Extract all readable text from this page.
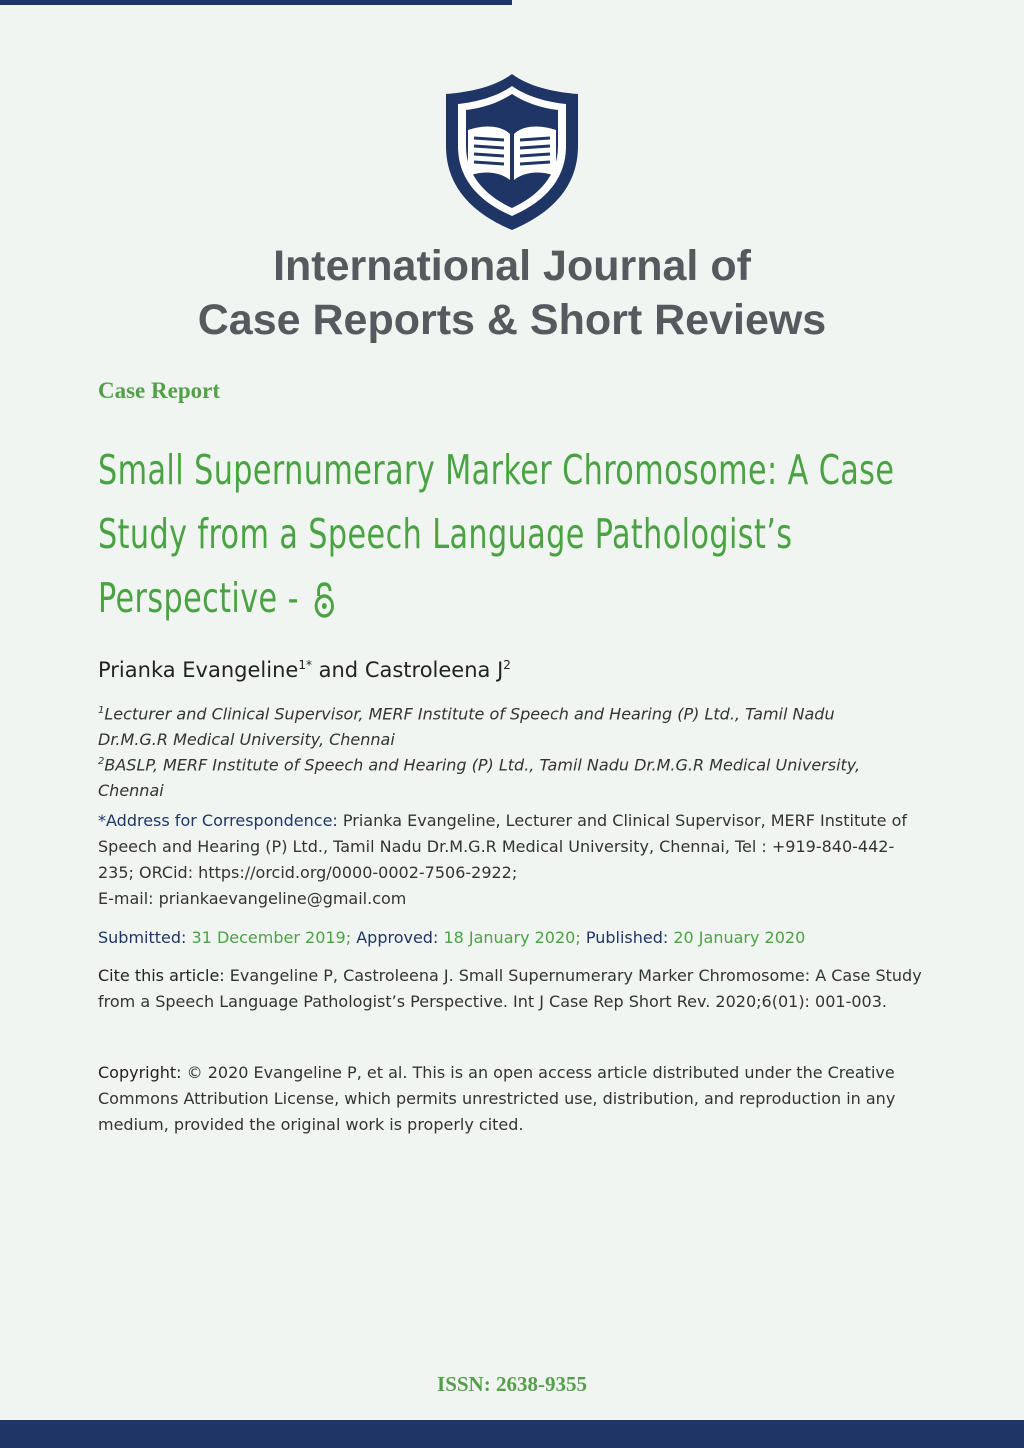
International Journal of
Case Reports & Short Reviews
Case Report
Small Supernumerary Marker Chromosome: A Case Study from a Speech Language Pathologist’s Perspective -
Prianka Evangeline$^{1*}$ and Castroleena $J^2$
$^1$Lecturer and Clinical Supervisor, MERF Institute of Speech and Hearing (P) Ltd., Tamil Nadu Dr.M.G.R Medical University, Chennai
$^2$BASLP, MERF Institute of Speech and Hearing (P) Ltd., Tamil Nadu Dr.M.G.R Medical University, Chennai
*Address for Correspondence: Prianka Evangeline, Lecturer and Clinical Supervisor, MERF Institute of Speech and Hearing (P) Ltd., Tamil Nadu Dr.M.G.R Medical University, Chennai, Tel : +919-840-442-235; ORCid: https://orcid.org/0000-0002-7506-2922;
E-mail: priankaevangeline@gmail.com
Submitted: 31 December 2019; Approved: 18 January 2020; Published: 20 January 2020
Cite this article: Evangeline P, Castroleena J. Small Supernumerary Marker Chromosome: A Case Study from a Speech Language Pathologist’s Perspective. Int J Case Rep Short Rev. 2020;6(01): 001-003.
Copyright: © 2020 Evangeline P, et al. This is an open access article distributed under the Creative Commons Attribution License, which permits unrestricted use, distribution, and reproduction in any medium, provided the original work is properly cited.
ISSN: 2638-9355
